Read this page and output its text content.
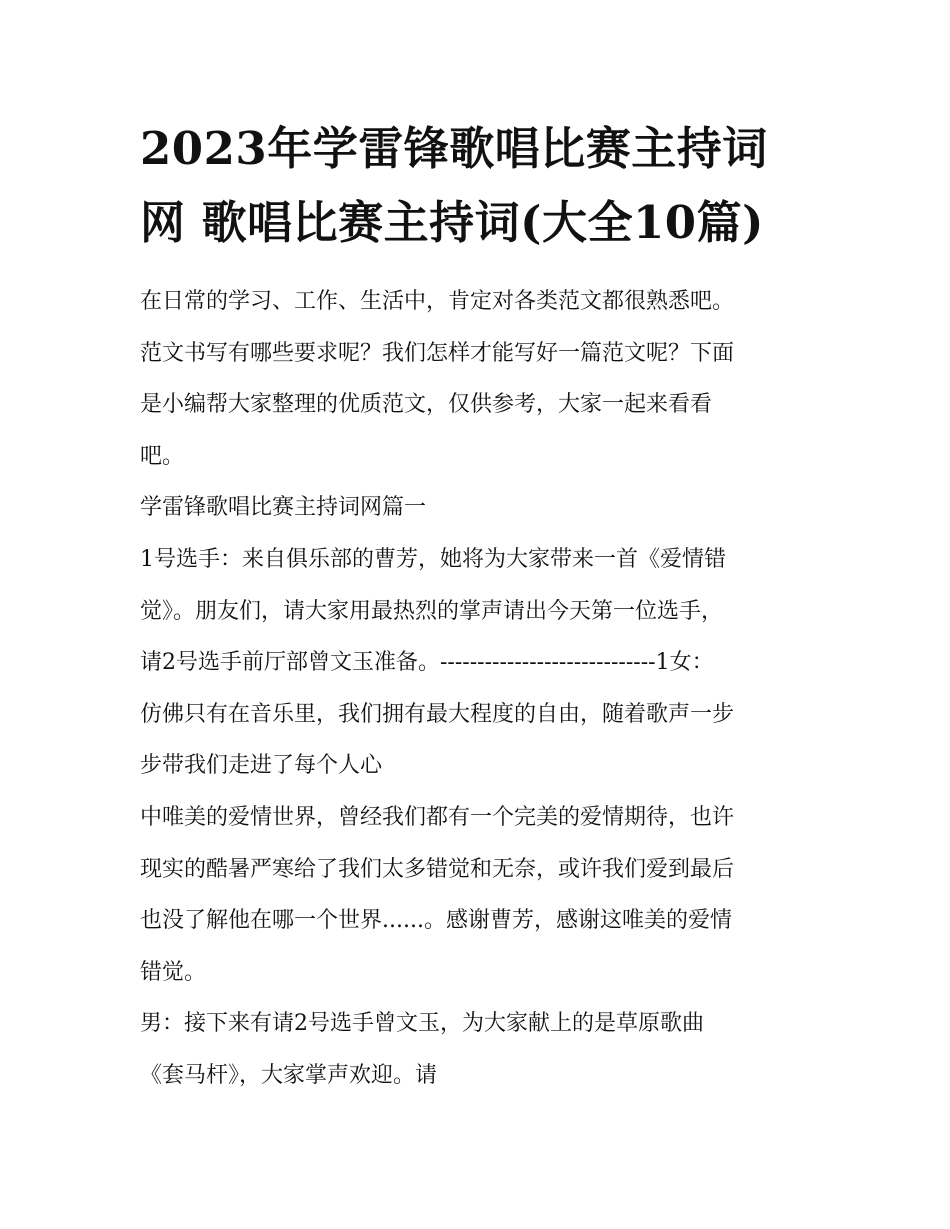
2023年学雷锋歌唱比赛主持词
网 歌唱比赛主持词(大全10篇)

在日常的学习、工作、生活中，肯定对各类范文都很熟悉吧。
范文书写有哪些要求呢？我们怎样才能写好一篇范文呢？下面
是小编帮大家整理的优质范文，仅供参考，大家一起来看看
吧。

学雷锋歌唱比赛主持词网篇一

1号选手：来自俱乐部的曹芳，她将为大家带来一首《爱情错
觉》。朋友们，请大家用最热烈的掌声请出今天第一位选手，
请2号选手前厅部曾文玉准备。-----------------------------1女：
仿佛只有在音乐里，我们拥有最大程度的自由，随着歌声一步
步带我们走进了每个人心

中唯美的爱情世界，曾经我们都有一个完美的爱情期待，也许
现实的酷暑严寒给了我们太多错觉和无奈，或许我们爱到最后
也没了解他在哪一个世界......。感谢曹芳，感谢这唯美的爱情
错觉。

男：接下来有请2号选手曾文玉，为大家献上的是草原歌曲
《套马杆》，大家掌声欢迎。请
